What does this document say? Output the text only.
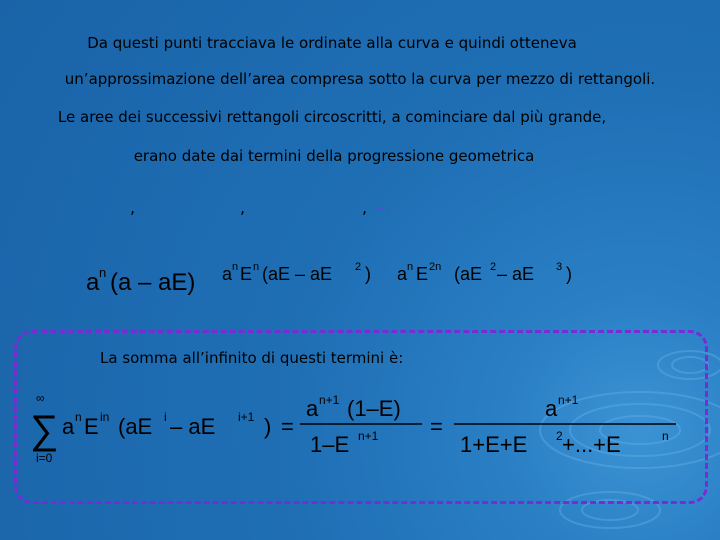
Da questi punti tracciava le ordinate alla curva e quindi otteneva
un’approssimazione dell’area compresa sotto la curva per mezzo di rettangoli.
Le aree dei successivi rettangoli circoscritti, a cominciare dal più grande,
erano date dai termini della progressione geometrica
,	,	, …
a n (a – aE) a n E n (aE – aE 2 ) a n E 2n (aE 2 – aE 3 )
La somma all’infinito di questi termini è:
∞
∑
i=0
a n E in (aE i – aE i+1 ) =
a n+1 (1–E)
1–E n+1 =
a n+1
1+E+E 2 +...+E	n
